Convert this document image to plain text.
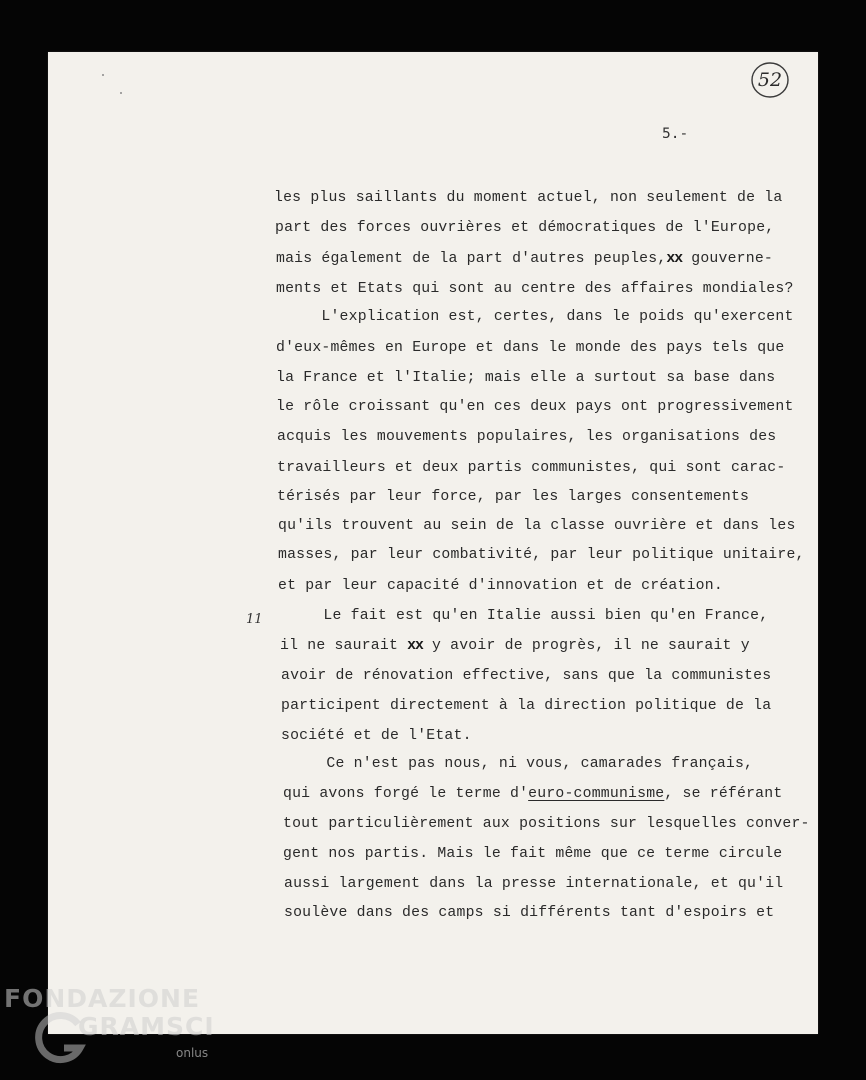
52
5.-
11
les plus saillants du moment actuel, non seulement de la
part des forces ouvrières et démocratiques de l'Europe,
mais également de la part d'autres peuples,xx gouverne-
ments et Etats qui sont au centre des affaires mondiales?
L'explication est, certes, dans le poids qu'exercent
d'eux-mêmes en Europe et dans le monde des pays tels que
la France et l'Italie; mais elle a surtout sa base dans
le rôle croissant qu'en ces deux pays ont progressivement
acquis les mouvements populaires, les organisations des
travailleurs et deux partis communistes, qui sont carac-
térisés par leur force, par les larges consentements
qu'ils trouvent au sein de la classe ouvrière et dans les
masses, par leur combativité, par leur politique unitaire,
et par leur capacité d'innovation et de création.
Le fait est qu'en Italie aussi bien qu'en France,
il ne saurait xx y avoir de progrès, il ne saurait y
avoir de rénovation effective, sans que la communistes
participent directement à la direction politique de la
société et de l'Etat.
Ce n'est pas nous, ni vous, camarades français,
qui avons forgé le terme d'euro-communisme, se référant
tout particulièrement aux positions sur lesquelles conver-
gent nos partis. Mais le fait même que ce terme circule
aussi largement dans la presse internationale, et qu'il
soulève dans des camps si différents tant d'espoirs et
FONDAZIONE
GRAMSCI
onlus
